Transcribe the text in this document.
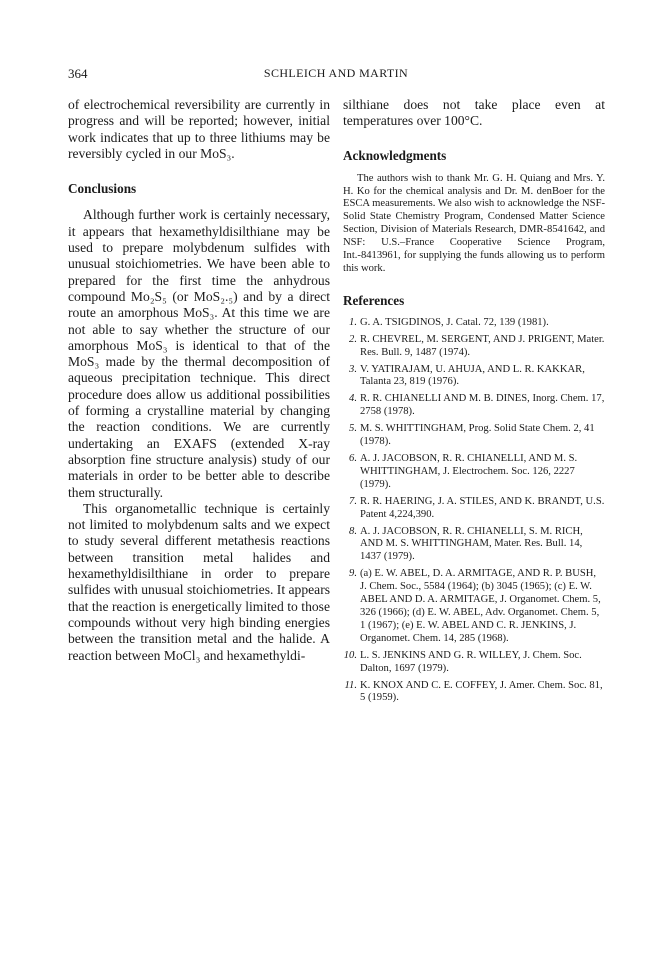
364	SCHLEICH AND MARTIN

of electrochemical reversibility are currently in progress and will be reported; however, initial work indicates that up to three lithiums may be reversibly cycled in our MoS₃.

Conclusions

Although further work is certainly necessary, it appears that hexamethyldisilthiane may be used to prepare molybdenum sulfides with unusual stoichiometries. We have been able to prepared for the first time the anhydrous compound Mo₂S₅ (or MoS₂.₅) and by a direct route an amorphous MoS₃. At this time we are not able to say whether the structure of our amorphous MoS₃ is identical to that of the MoS₃ made by the thermal decomposition of aqueous precipitation technique. This direct procedure does allow us additional possibilities of forming a crystalline material by changing the reaction conditions. We are currently undertaking an EXAFS (extended X-ray absorption fine structure analysis) study of our materials in order to be better able to describe them structurally.

This organometallic technique is certainly not limited to molybdenum salts and we expect to study several different metathesis reactions between transition metal halides and hexamethyldisilthiane in order to prepare sulfides with unusual stoichiometries. It appears that the reaction is energetically limited to those compounds without very high binding energies between the transition metal and the halide. A reaction between MoCl₃ and hexamethyldi-

silthiane does not take place even at temperatures over 100°C.

Acknowledgments

The authors wish to thank Mr. G. H. Quiang and Mrs. Y. H. Ko for the chemical analysis and Dr. M. denBoer for the ESCA measurements. We also wish to acknowledge the NSF-Solid State Chemistry Program, Condensed Matter Science Section, Division of Materials Research, DMR-8541642, and NSF: U.S.–France Cooperative Science Program, Int.-8413961, for supplying the funds allowing us to perform this work.

References
1. G. A. TSIGDINOS, J. Catal. 72, 139 (1981).
2. R. CHEVREL, M. SERGENT, AND J. PRIGENT, Mater. Res. Bull. 9, 1487 (1974).
3. V. YATIRAJAM, U. AHUJA, AND L. R. KAKKAR, Talanta 23, 819 (1976).
4. R. R. CHIANELLI AND M. B. DINES, Inorg. Chem. 17, 2758 (1978).
5. M. S. WHITTINGHAM, Prog. Solid State Chem. 2, 41 (1978).
6. A. J. JACOBSON, R. R. CHIANELLI, AND M. S. WHITTINGHAM, J. Electrochem. Soc. 126, 2227 (1979).
7. R. R. HAERING, J. A. STILES, AND K. BRANDT, U.S. Patent 4,224,390.
8. A. J. JACOBSON, R. R. CHIANELLI, S. M. RICH, AND M. S. WHITTINGHAM, Mater. Res. Bull. 14, 1437 (1979).
9. (a) E. W. ABEL, D. A. ARMITAGE, AND R. P. BUSH, J. Chem. Soc., 5584 (1964); (b) 3045 (1965); (c) E. W. ABEL AND D. A. ARMITAGE, J. Organomet. Chem. 5, 326 (1966); (d) E. W. ABEL, Adv. Organomet. Chem. 5, 1 (1967); (e) E. W. ABEL AND C. R. JENKINS, J. Organomet. Chem. 14, 285 (1968).
10. L. S. JENKINS AND G. R. WILLEY, J. Chem. Soc. Dalton, 1697 (1979).
11. K. KNOX AND C. E. COFFEY, J. Amer. Chem. Soc. 81, 5 (1959).
